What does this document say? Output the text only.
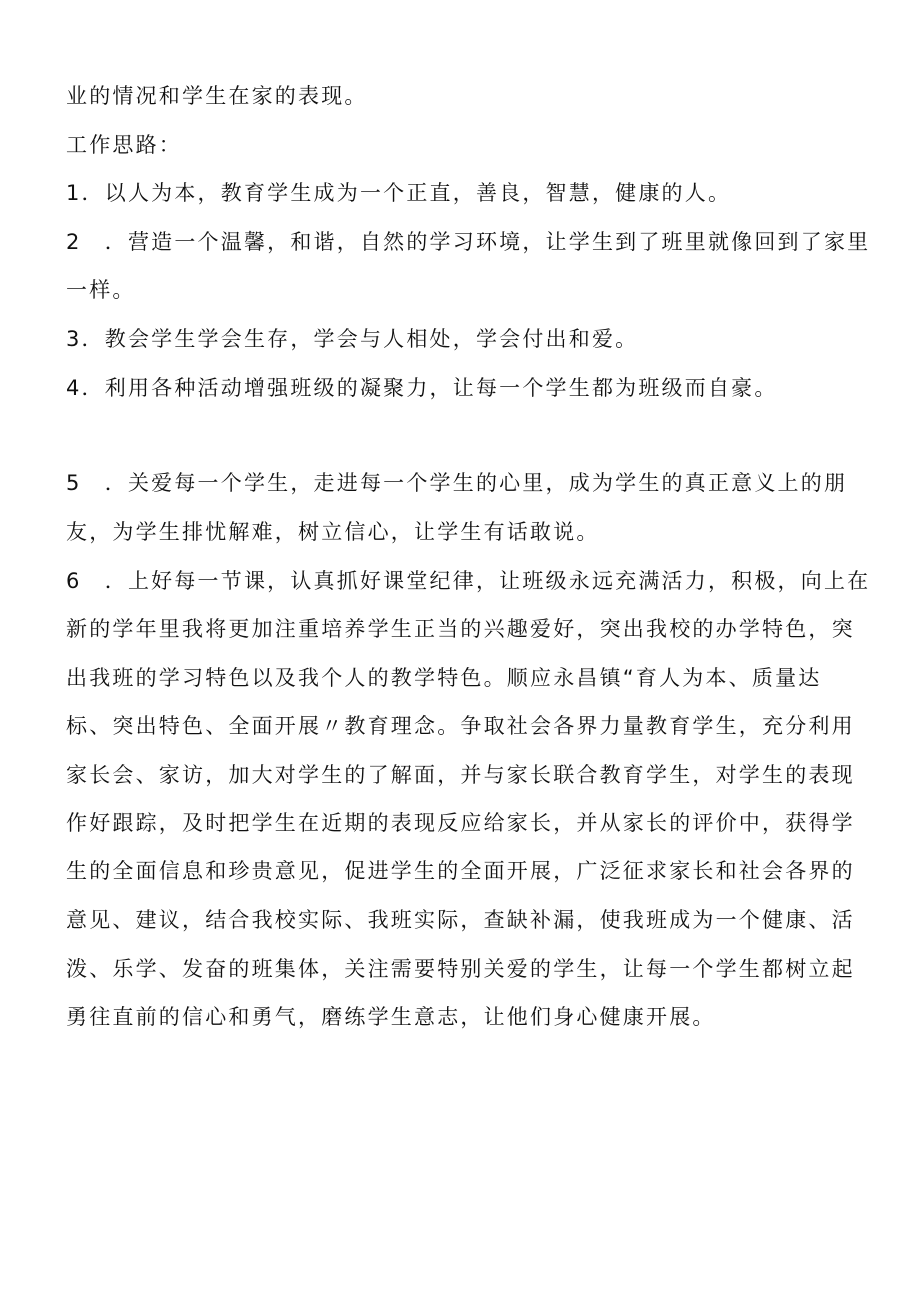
业的情况和学生在家的表现。
工作思路：
1．以人为本，教育学生成为一个正直，善良，智慧，健康的人。
2　．营造一个温馨，和谐，自然的学习环境，让学生到了班里就像回到了家里
一样。
3．教会学生学会生存，学会与人相处，学会付出和爱。
4．利用各种活动增强班级的凝聚力，让每一个学生都为班级而自豪。
5　．关爱每一个学生，走进每一个学生的心里，成为学生的真正意义上的朋
友，为学生排忧解难，树立信心，让学生有话敢说。
6　．上好每一节课，认真抓好课堂纪律，让班级永远充满活力，积极，向上在
新的学年里我将更加注重培养学生正当的兴趣爱好，突出我校的办学特色，突
出我班的学习特色以及我个人的教学特色。顺应永昌镇“育人为本、质量达
标、突出特色、全面开展〃教育理念。争取社会各界力量教育学生，充分利用
家长会、家访，加大对学生的了解面，并与家长联合教育学生，对学生的表现
作好跟踪，及时把学生在近期的表现反应给家长，并从家长的评价中，获得学
生的全面信息和珍贵意见，促进学生的全面开展，广泛征求家长和社会各界的
意见、建议，结合我校实际、我班实际，查缺补漏，使我班成为一个健康、活
泼、乐学、发奋的班集体，关注需要特别关爱的学生，让每一个学生都树立起
勇往直前的信心和勇气，磨练学生意志，让他们身心健康开展。
